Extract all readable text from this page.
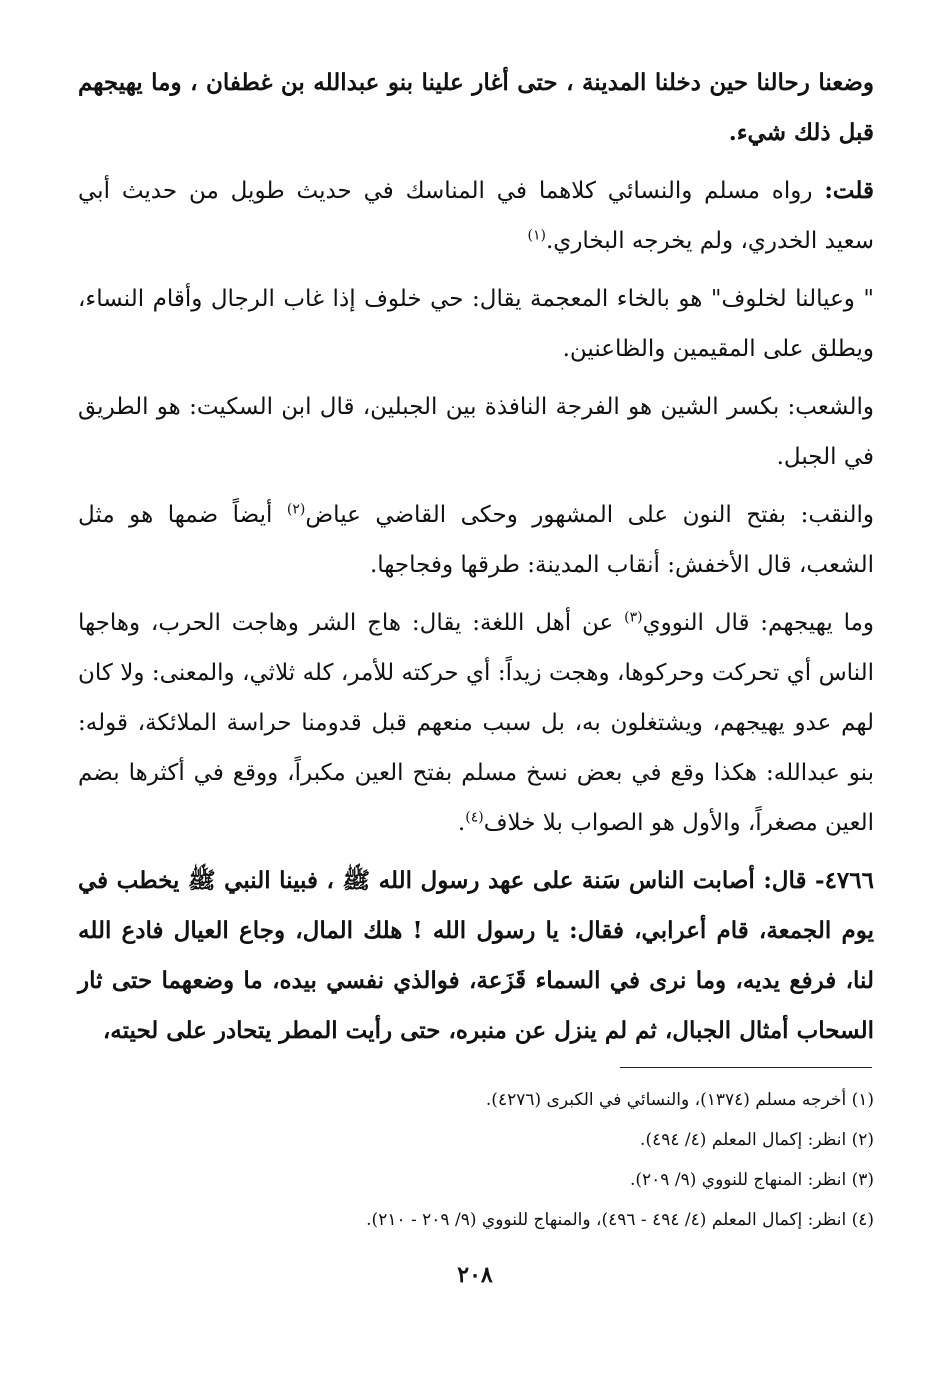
وضعنا رحالنا حين دخلنا المدينة ، حتى أغار علينا بنو عبدالله بن غطفان ، وما يهيجهم قبل ذلك شيء.

قلت: رواه مسلم والنسائي كلاهما في المناسك في حديث طويل من حديث أبي سعيد الخدري، ولم يخرجه البخاري.$^{(١)}$

" وعيالنا لخلوف" هو بالخاء المعجمة يقال: حي خلوف إذا غاب الرجال وأقام النساء، ويطلق على المقيمين والظاعنين.

والشعب: بكسر الشين هو الفرجة النافذة بين الجبلين، قال ابن السكيت: هو الطريق في الجبل.

والنقب: بفتح النون على المشهور وحكى القاضي عياض$^{(٢)}$ أيضاً ضمها هو مثل الشعب، قال الأخفش: أنقاب المدينة: طرقها وفجاجها.

وما يهيجهم: قال النووي$^{(٣)}$ عن أهل اللغة: يقال: هاج الشر وهاجت الحرب، وهاجها الناس أي تحركت وحركوها، وهجت زيداً: أي حركته للأمر، كله ثلاثي، والمعنى: ولا كان لهم عدو يهيجهم، ويشتغلون به، بل سبب منعهم قبل قدومنا حراسة الملائكة، قوله: بنو عبدالله: هكذا وقع في بعض نسخ مسلم بفتح العين مكبراً، ووقع في أكثرها بضم العين مصغراً، والأول هو الصواب بلا خلاف$^{(٤)}$.

٤٧٦٦- قال: أصابت الناس سَنة على عهد رسول الله ﷺ ، فبينا النبي ﷺ يخطب في يوم الجمعة، قام أعرابي، فقال: يا رسول الله ! هلك المال، وجاع العيال فادع الله لنا، فرفع يديه، وما نرى في السماء قَزَعة، فوالذي نفسي بيده، ما وضعهما حتى ثار السحاب أمثال الجبال، ثم لم ينزل عن منبره، حتى رأيت المطر يتحادر على لحيته،

(١) أخرجه مسلم (١٣٧٤)، والنسائي في الكبرى (٤٢٧٦).

(٢) انظر: إكمال المعلم (٤/ ٤٩٤).

(٣) انظر: المنهاج للنووي (٩/ ٢٠٩).

(٤) انظر: إكمال المعلم (٤/ ٤٩٤ - ٤٩٦)، والمنهاج للنووي (٩/ ٢٠٩ - ٢١٠).

٢٠٨
